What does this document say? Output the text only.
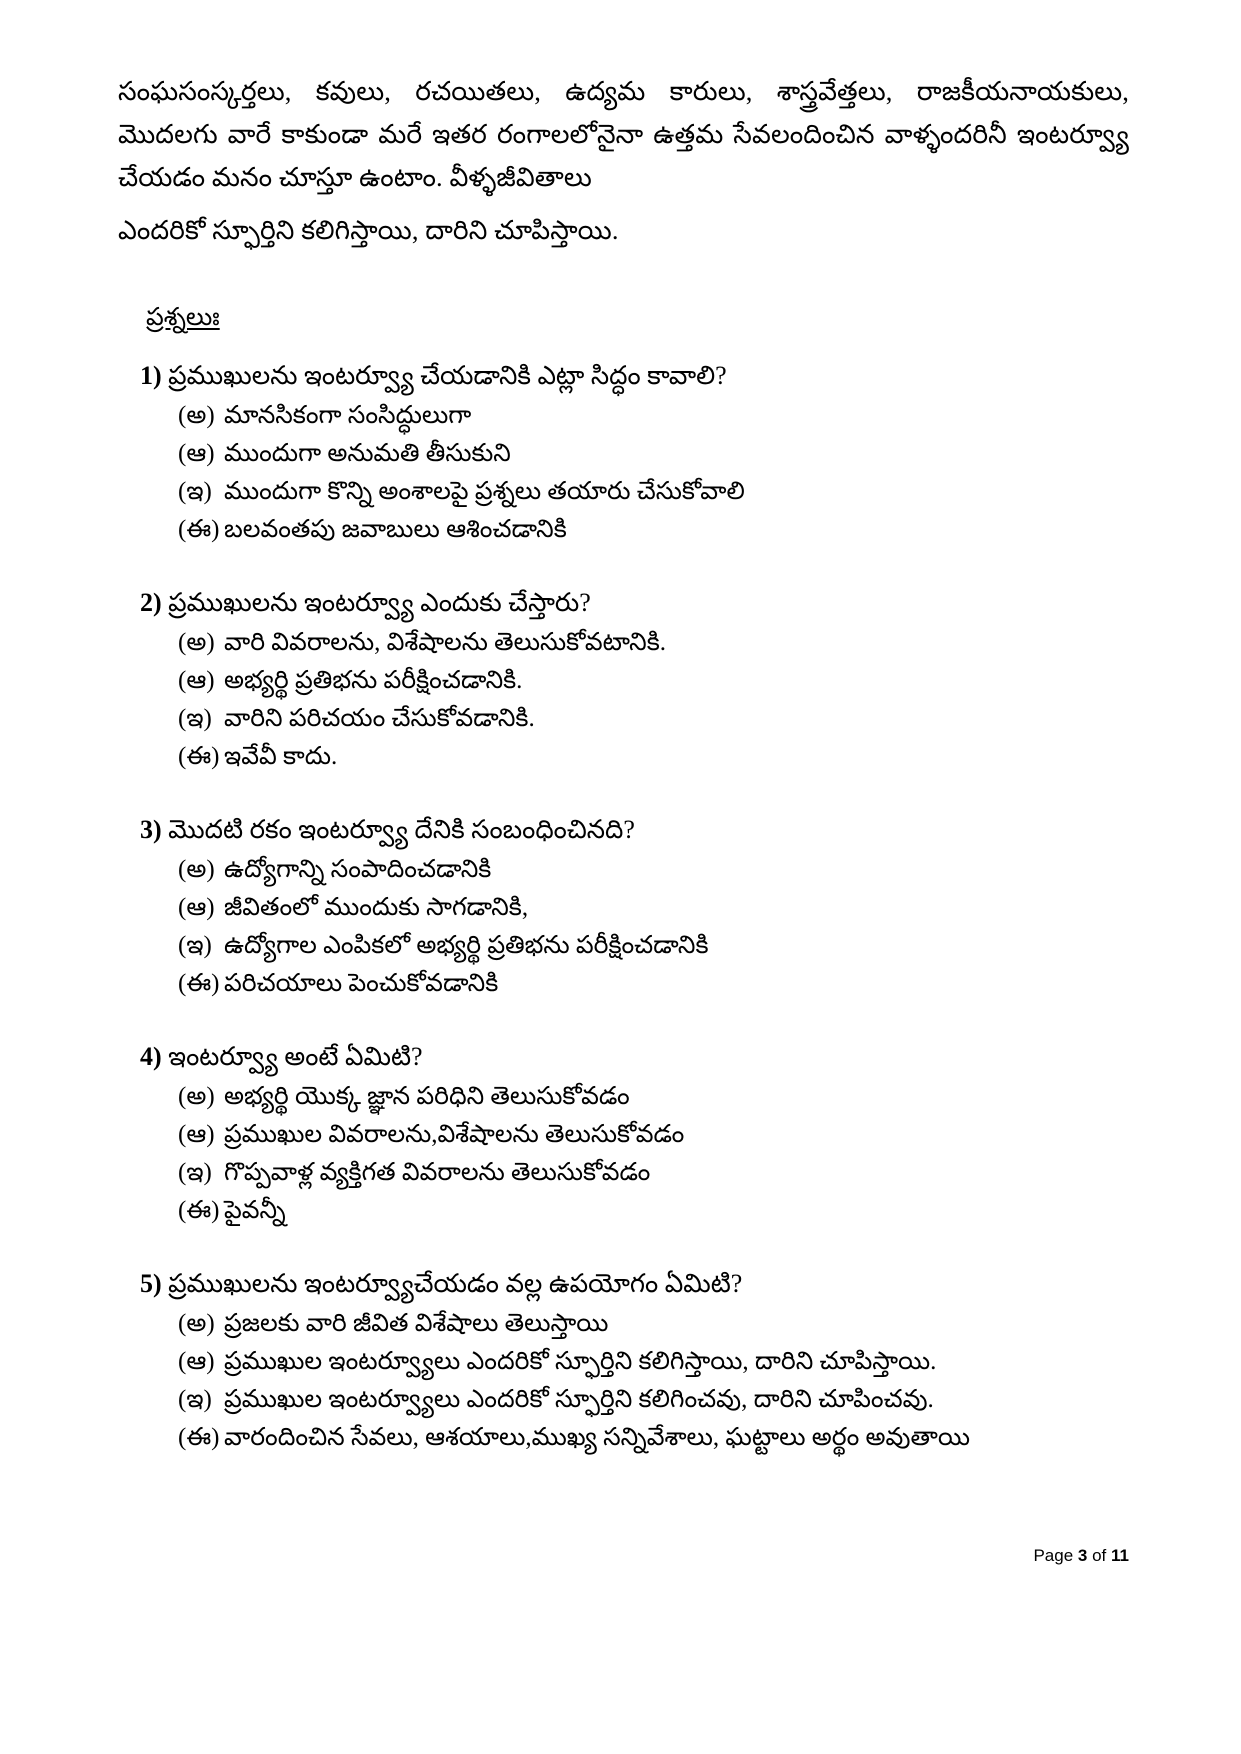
సంఘసంస్కర్తలు, కవులు, రచయితలు, ఉద్యమ కారులు, శాస్త్రవేత్తలు, రాజకీయనాయకులు, మొదలగు వారే కాకుండా మరే ఇతర రంగాలలోనైనా ఉత్తమ సేవలందించిన వాళ్ళందరినీ ఇంటర్వ్యూ చేయడం మనం చూస్తూ ఉంటాం. వీళ్ళజీవితాలు

ఎందరికో స్ఫూర్తిని కలిగిస్తాయి, దారిని చూపిస్తాయి.

ప్రశ్నలుః

1) ప్రముఖులను ఇంటర్వ్యూ చేయడానికి ఎట్లా సిద్ధం కావాలి?

(అ) మానసికంగా సంసిద్ధులుగా
(ఆ) ముందుగా అనుమతి తీసుకుని
(ఇ) ముందుగా కొన్ని అంశాలపై ప్రశ్నలు తయారు చేసుకోవాలి
(ఈ) బలవంతపు జవాబులు ఆశించడానికి

2) ప్రముఖులను ఇంటర్వ్యూ ఎందుకు చేస్తారు?

(అ) వారి వివరాలను, విశేషాలను తెలుసుకోవటానికి.
(ఆ) అభ్యర్థి ప్రతిభను పరీక్షించడానికి.
(ఇ) వారిని పరిచయం చేసుకోవడానికి.
(ఈ) ఇవేవీ కాదు.

3) మొదటి రకం ఇంటర్వ్యూ దేనికి సంబంధించినది?

(అ) ఉద్యోగాన్ని సంపాదించడానికి
(ఆ) జీవితంలో ముందుకు సాగడానికి,
(ఇ) ఉద్యోగాల ఎంపికలో అభ్యర్థి ప్రతిభను పరీక్షించడానికి
(ఈ) పరిచయాలు పెంచుకోవడానికి

4) ఇంటర్వ్యూ అంటే ఏమిటి?

(అ) అభ్యర్థి యొక్క జ్ఞాన పరిధిని తెలుసుకోవడం
(ఆ) ప్రముఖుల వివరాలను,విశేషాలను తెలుసుకోవడం
(ఇ) గొప్పవాళ్ల వ్యక్తిగత వివరాలను తెలుసుకోవడం
(ఈ) పైవన్నీ

5) ప్రముఖులను ఇంటర్వ్యూచేయడం వల్ల ఉపయోగం ఏమిటి?

(అ) ప్రజలకు వారి జీవిత విశేషాలు తెలుస్తాయి
(ఆ) ప్రముఖుల ఇంటర్వ్యూలు ఎందరికో స్ఫూర్తిని కలిగిస్తాయి, దారిని చూపిస్తాయి.
(ఇ) ప్రముఖుల ఇంటర్వ్యూలు ఎందరికో స్ఫూర్తిని కలిగించవు, దారిని చూపించవు.
(ఈ) వారందించిన సేవలు, ఆశయాలు,ముఖ్య సన్నివేశాలు, ఘట్టాలు అర్థం అవుతాయి
Page 3 of 11
